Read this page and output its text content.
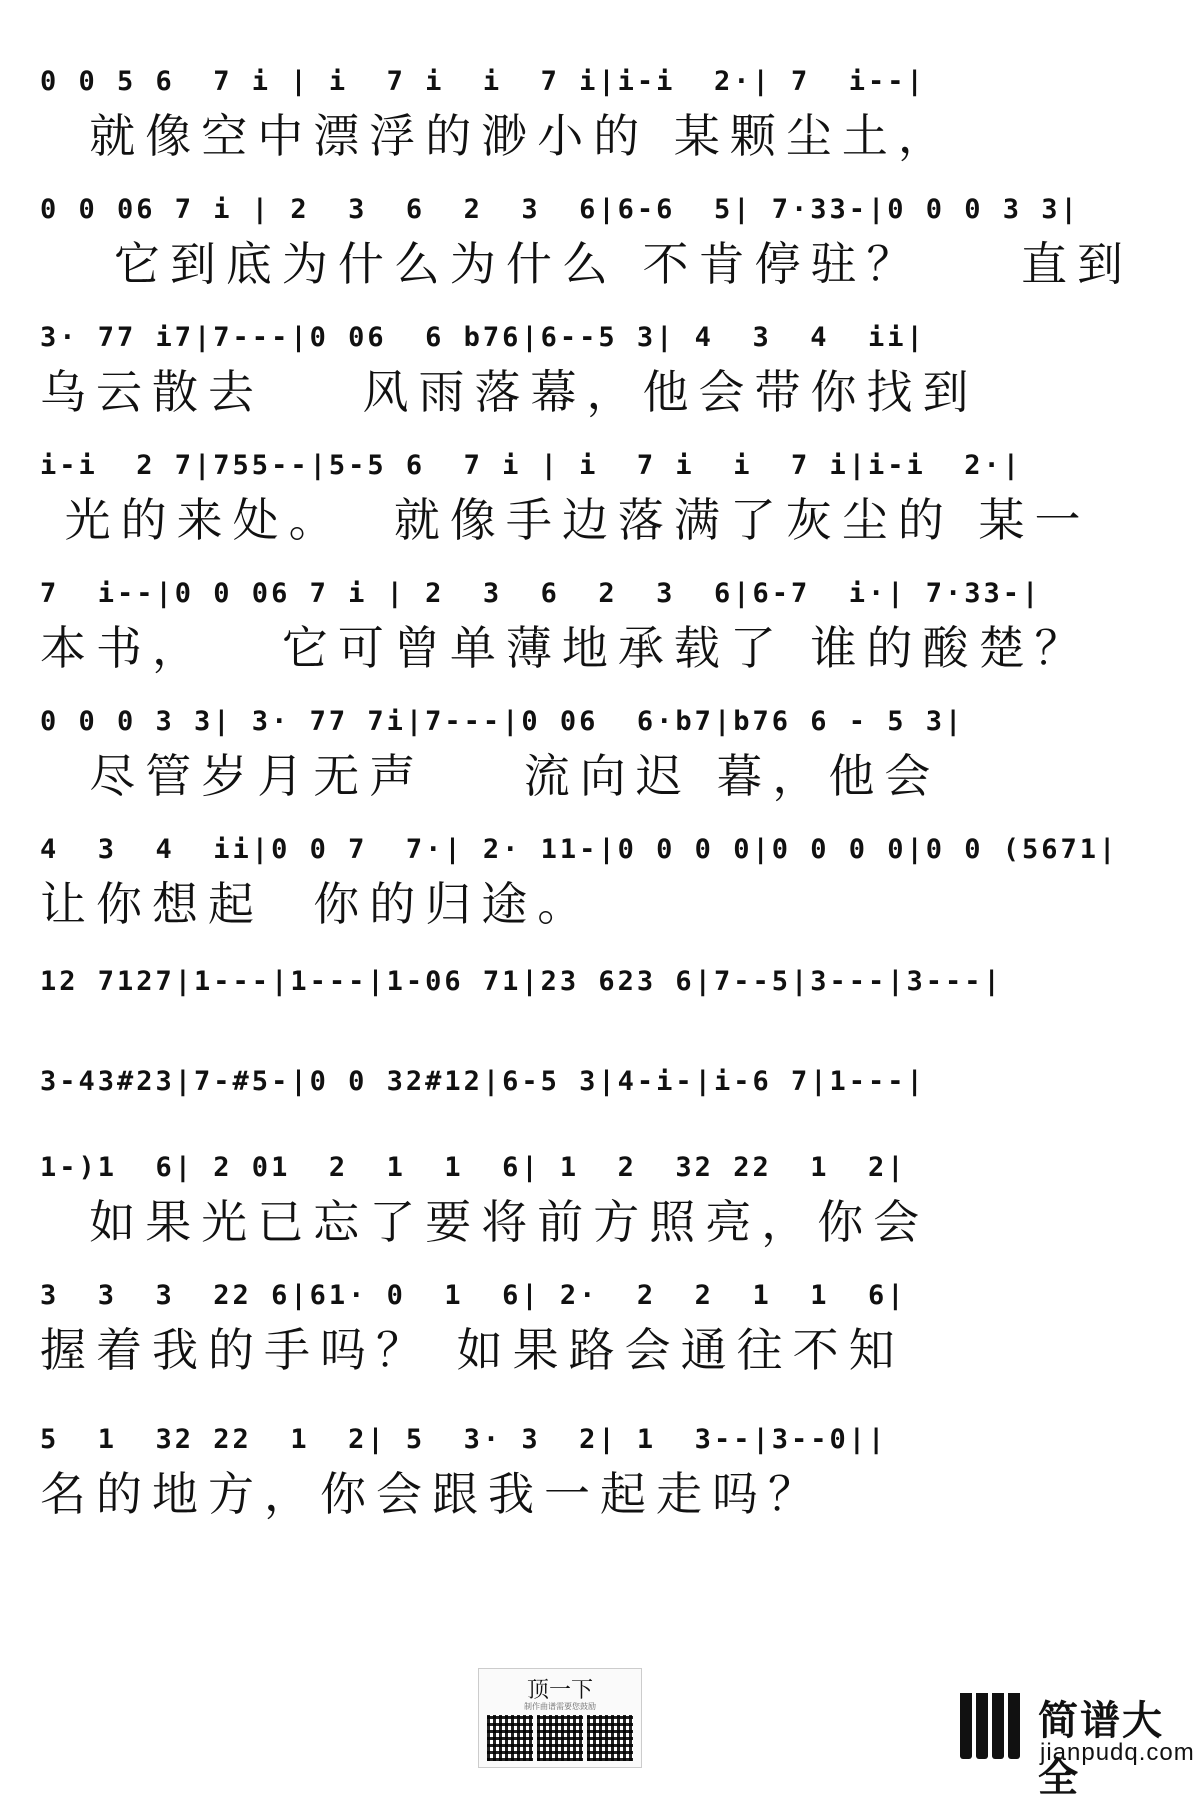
0 0 5 6  7 i | i  7 i  i  7 i|i-i  2·| 7  i--|
就像空中漂浮的渺小的 某颗尘土，
0 0 06 7 i | 2  3  6  2  3  6|6-6  5| 7·33-|0 0 0 3 3|
它到底为什么为什么 不肯停驻？    直到
3· 77 i7|7---|0 06  6 b76|6--5 3| 4  3  4  ii|
乌云散去    风雨落幕，他会带你找到
i-i  2 7|755--|5-5 6  7 i | i  7 i  i  7 i|i-i  2·|
光的来处。  就像手边落满了灰尘的 某一
7  i--|0 0 06 7 i | 2  3  6  2  3  6|6-7  i·| 7·33-|
本书，   它可曾单薄地承载了 谁的酸楚？
0 0 0 3 3| 3· 77 7i|7---|0 06  6·b7|b76 6 - 5 3|
尽管岁月无声    流向迟 暮，他会
4  3  4  ii|0 0 7  7·| 2· 11-|0 0 0 0|0 0 0 0|0 0 (5671|
让你想起  你的归途。
12 7127|1---|1---|1-06 71|23 623 6|7--5|3---|3---|
3-43#23|7-#5-|0 0 32#12|6-5 3|4-i-|i-6 7|1---|
1-)1  6| 2 01  2  1  1  6| 1  2  32 22  1  2|
如果光已忘了要将前方照亮，你会
3  3  3  22 6|61· 0  1  6| 2·  2  2  1  1  6|
握着我的手吗？ 如果路会通往不知
5  1  32 22  1  2| 5  3· 3  2| 1  3--|3--0||
名的地方，你会跟我一起走吗？
顶一下
制作曲谱需要您鼓励	简谱大全
jianpudq.com
